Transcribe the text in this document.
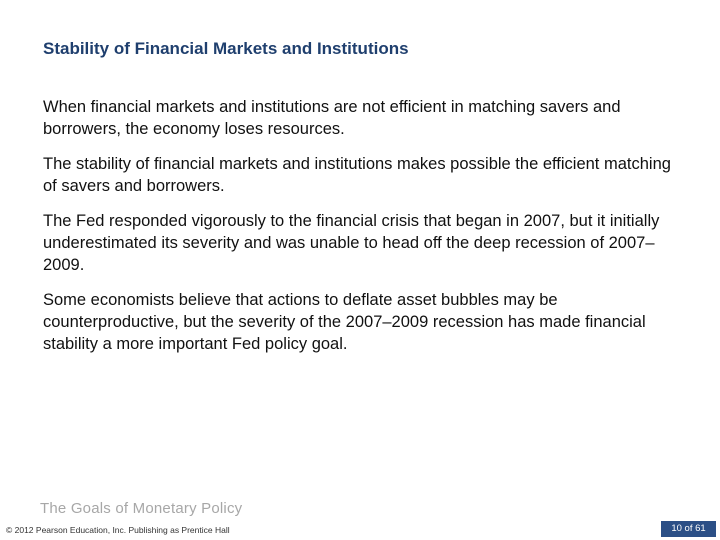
Stability of Financial Markets and Institutions

When financial markets and institutions are not efficient in matching savers and borrowers, the economy loses resources.

The stability of financial markets and institutions makes possible the efficient matching of savers and borrowers.

The Fed responded vigorously to the financial crisis that began in 2007, but it initially underestimated its severity and was unable to head off the deep recession of 2007–2009.

Some economists believe that actions to deflate asset bubbles may be counterproductive, but the severity of the 2007–2009 recession has made financial stability a more important Fed policy goal.

The Goals of Monetary Policy
© 2012 Pearson Education, Inc. Publishing as Prentice Hall	10 of 61
